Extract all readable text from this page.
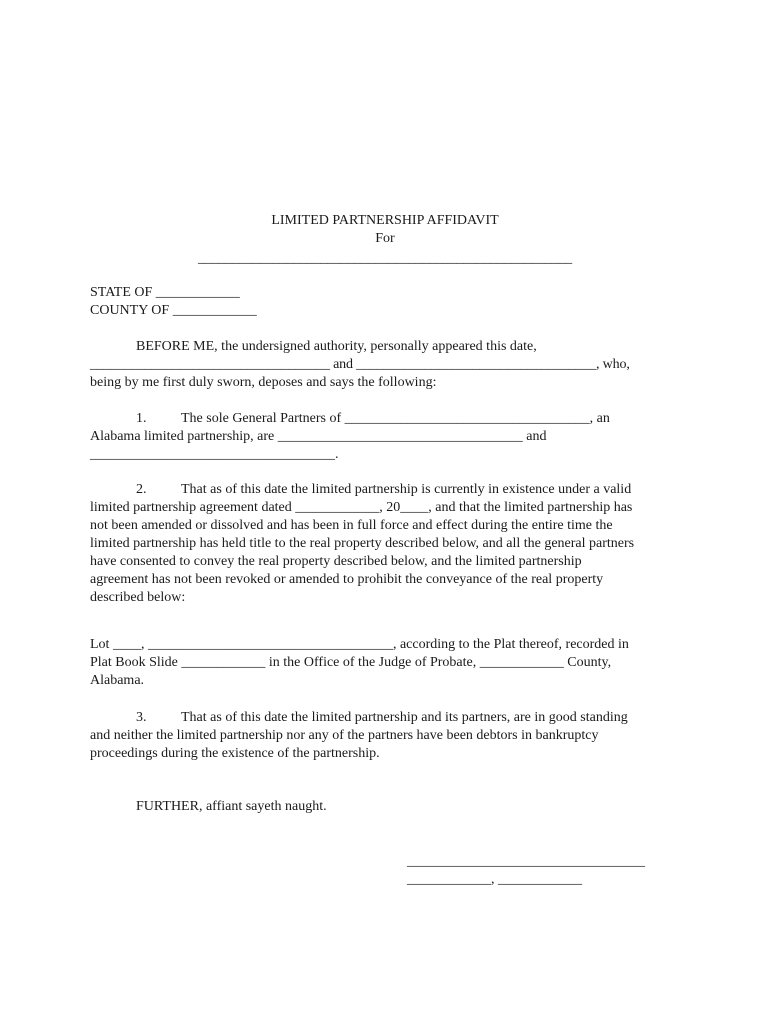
LIMITED PARTNERSHIP AFFIDAVIT
For
_______________________________________________________
STATE OF ____________
COUNTY OF ____________
BEFORE ME, the undersigned authority, personally appeared this date,
___________________________________ and ___________________________________, who,
being by me first duly sworn, deposes and says the following:
1. The sole General Partners of ___________________________________, an
Alabama limited partnership, are ___________________________________ and
___________________________________.
2. That as of this date the limited partnership is currently in existence under a valid
limited partnership agreement dated ____________, 20____, and that the limited partnership has
not been amended or dissolved and has been in full force and effect during the entire time the
limited partnership has held title to the real property described below, and all the general partners
have consented to convey the real property described below, and the limited partnership
agreement has not been revoked or amended to prohibit the conveyance of the real property
described below:
Lot ____, ___________________________________, according to the Plat thereof, recorded in
Plat Book Slide ____________ in the Office of the Judge of Probate, ____________ County,
Alabama.
3. That as of this date the limited partnership and its partners, are in good standing
and neither the limited partnership nor any of the partners have been debtors in bankruptcy
proceedings during the existence of the partnership.
FURTHER, affiant sayeth naught.
__________________________________
____________, ____________
